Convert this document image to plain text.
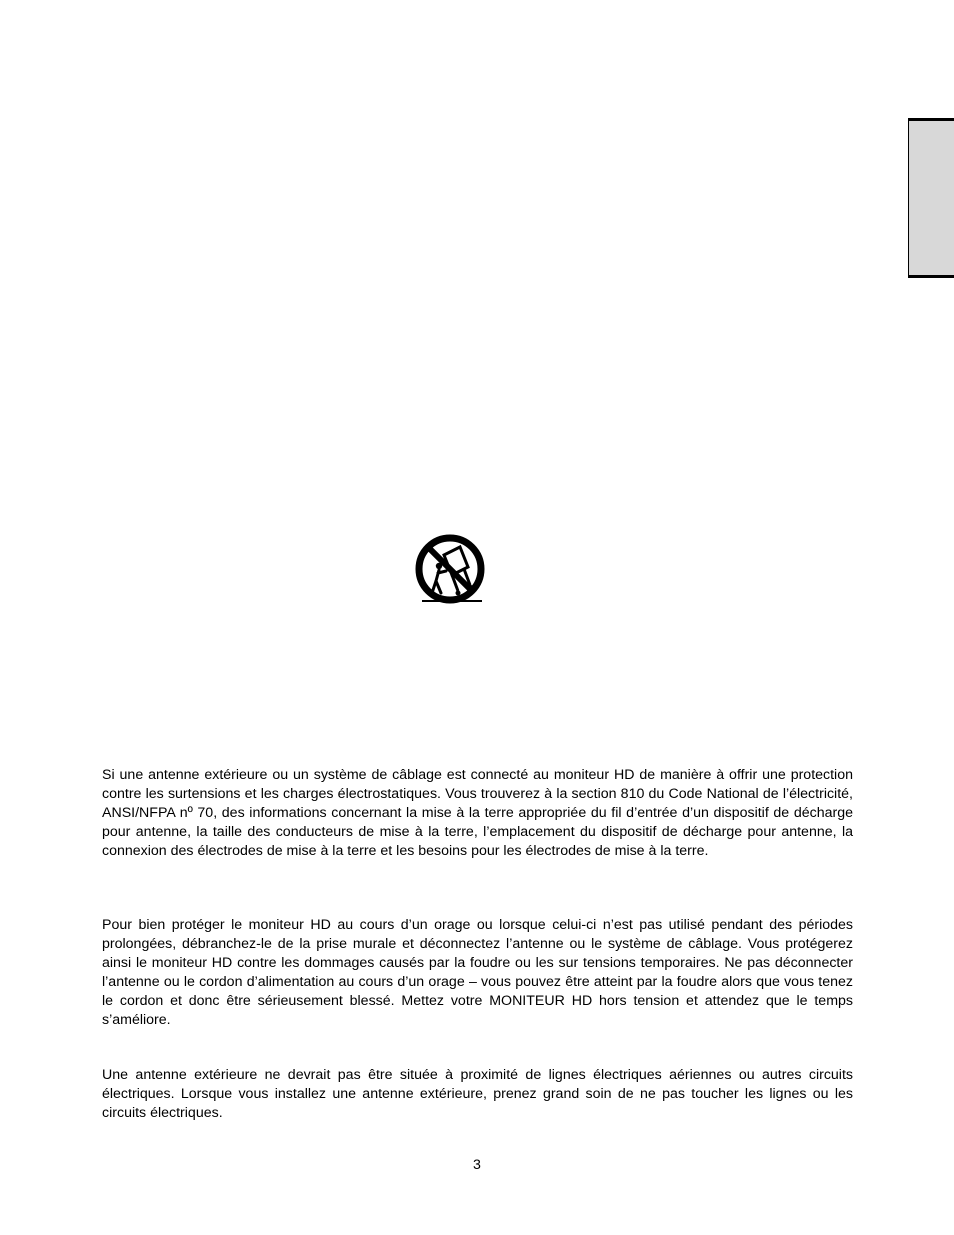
Si une antenne extérieure ou un système de câblage est connecté au moniteur HD de manière à offrir une protection contre les surtensions et les charges électrostatiques. Vous trouverez à la section 810 du Code National de l’électricité, ANSI/NFPA nº 70, des informations concernant la mise à la terre appropriée du fil d’entrée d’un dispositif de décharge pour antenne, la taille des conducteurs de mise à la terre, l’emplacement du dispositif de décharge pour antenne, la connexion des électrodes de mise à la terre et les besoins pour les électrodes de mise à la terre.

Pour bien protéger le moniteur HD au cours d’un orage ou lorsque celui-ci n’est pas utilisé pendant des périodes prolongées, débranchez-le de la prise murale et déconnectez l’antenne ou le système de câblage. Vous protégerez ainsi le moniteur HD contre les dommages causés par la foudre ou les sur tensions temporaires. Ne pas déconnecter l’antenne ou le cordon d’alimentation au cours d’un orage – vous pouvez être atteint par la foudre alors que vous tenez le cordon et donc être sérieusement blessé. Mettez votre MONITEUR HD hors tension et attendez que le temps s’améliore.

Une antenne extérieure ne devrait pas être située à proximité de lignes électriques aériennes ou autres circuits électriques. Lorsque vous installez une antenne extérieure, prenez grand soin de ne pas toucher les lignes ou les circuits électriques.

3
